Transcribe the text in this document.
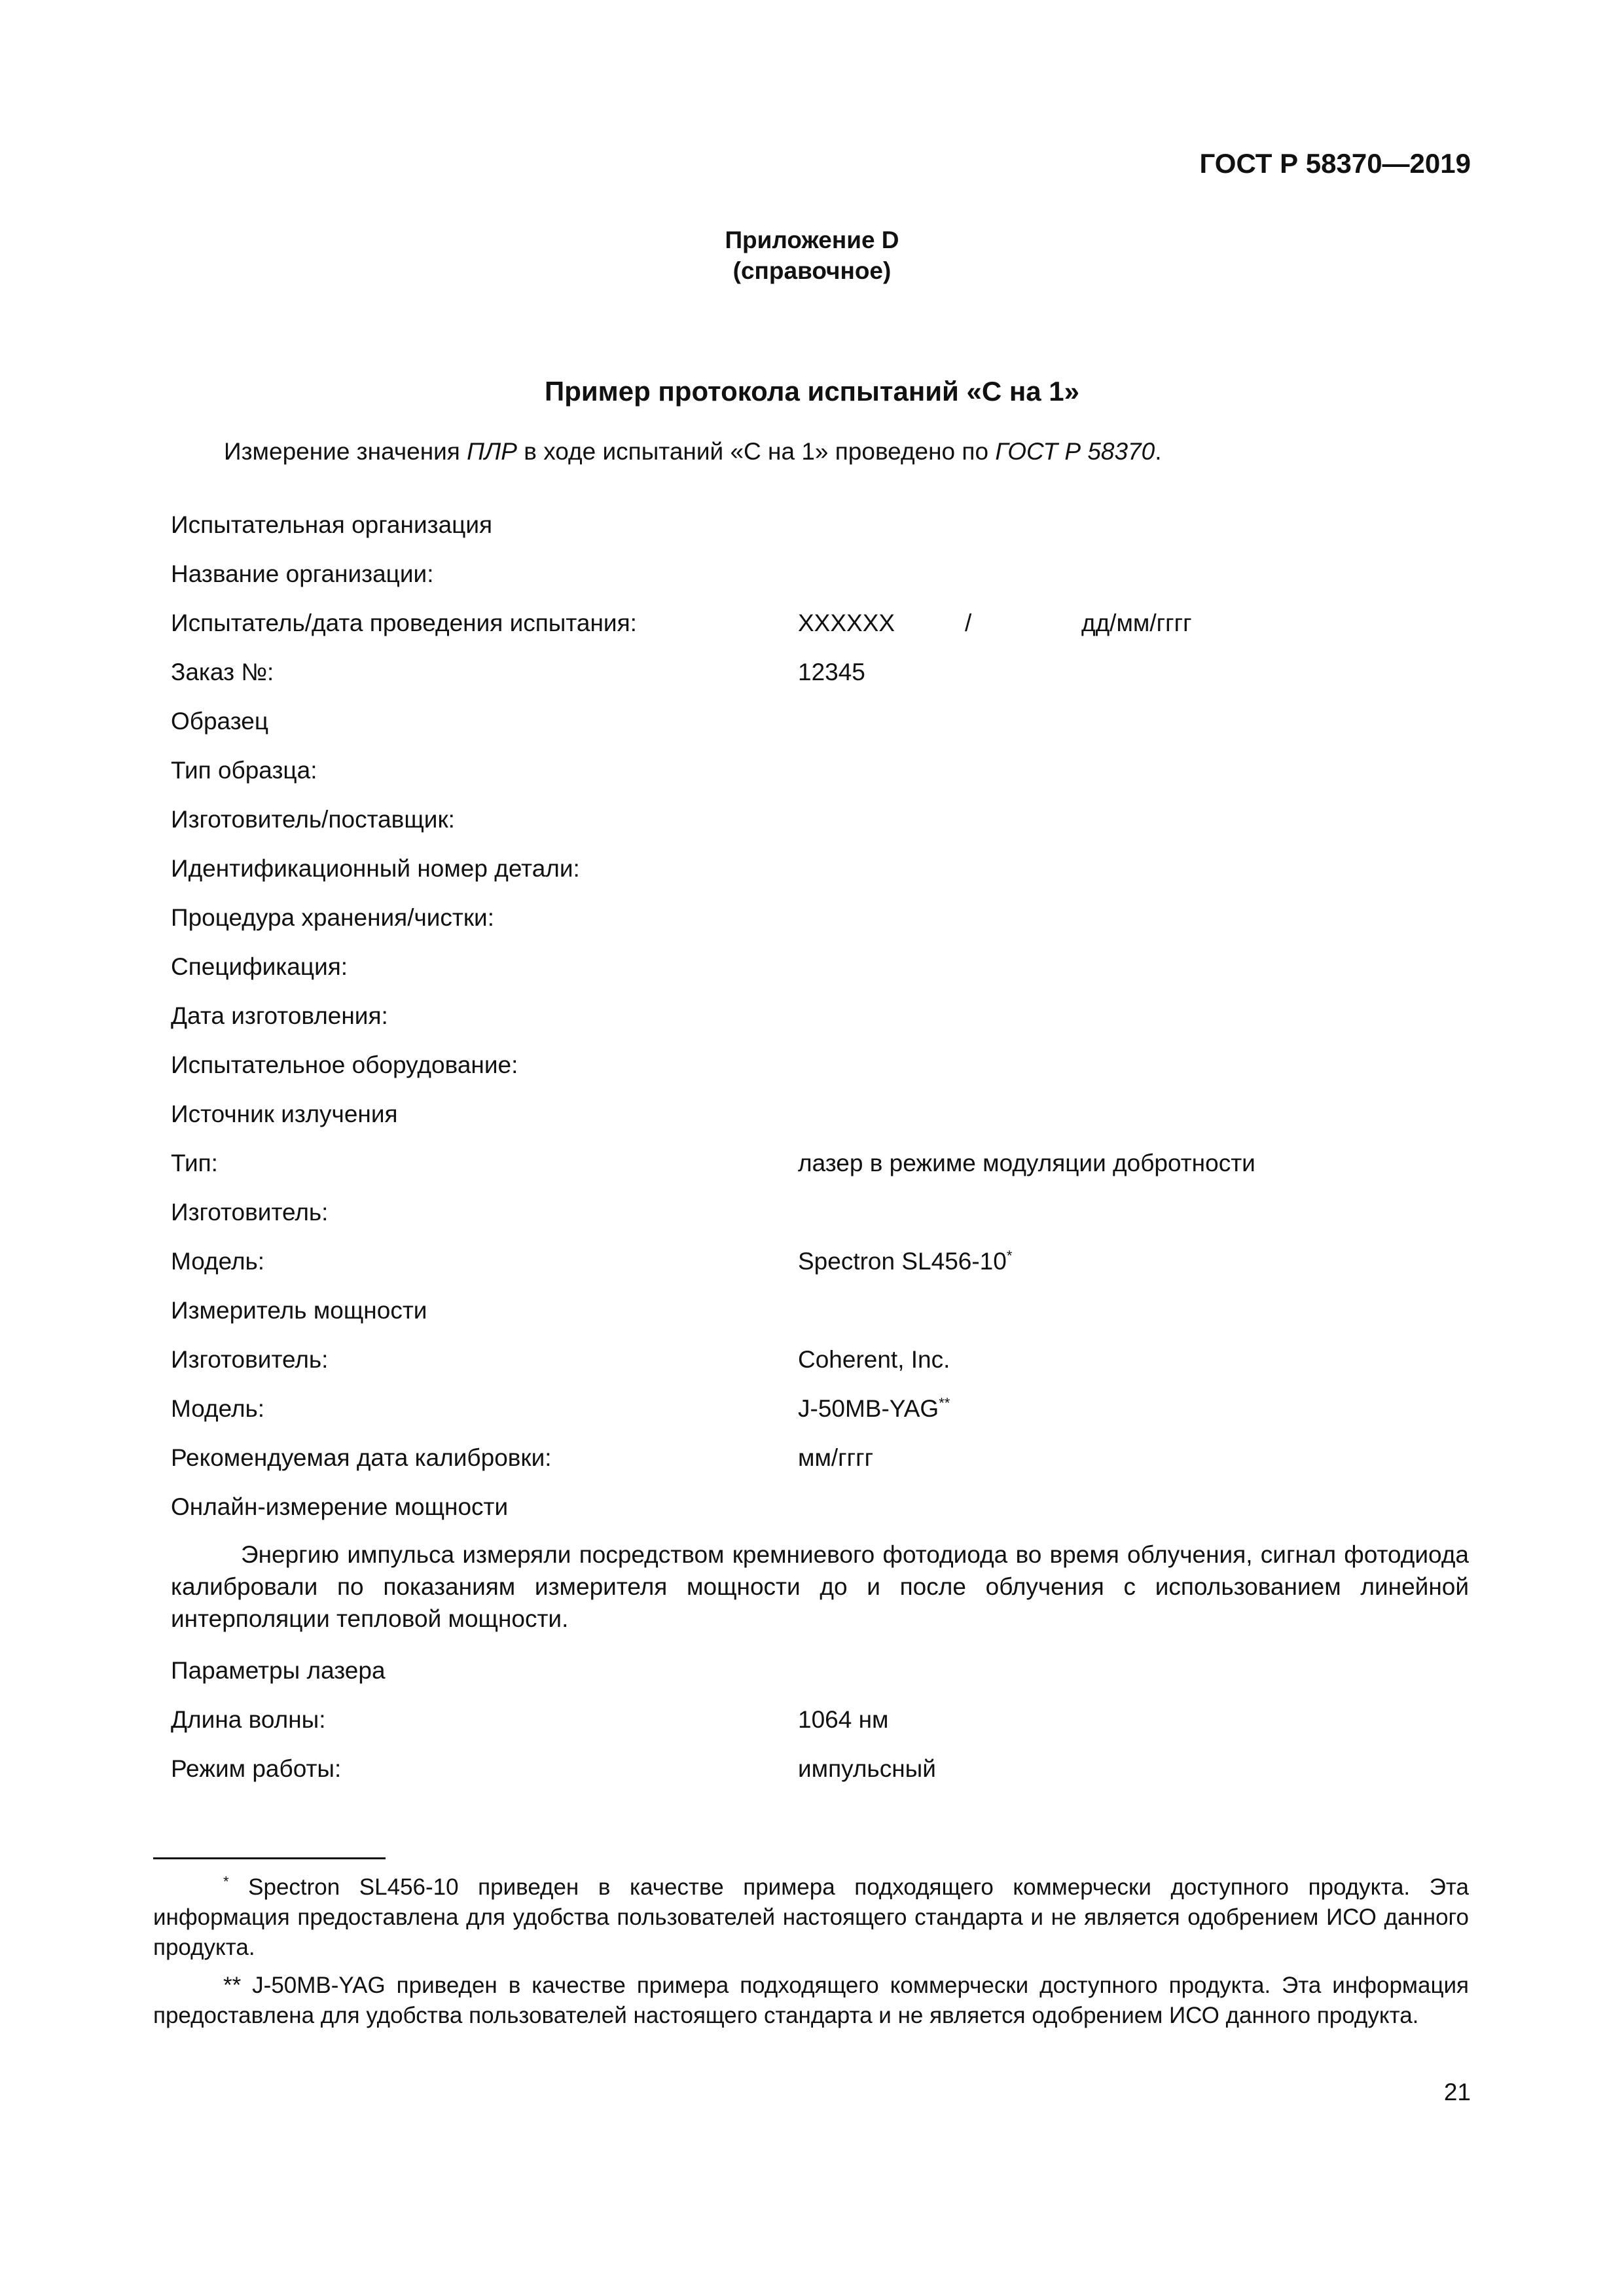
ГОСТ Р 58370—2019
Приложение D
(справочное)
Пример протокола испытаний «С на 1»
Измерение значения ПЛР в ходе испытаний «С на 1» проведено по ГОСТ Р 58370.
Испытательная организация
Название организации:
Испытатель/дата проведения испытания:	XXXXXX	/	дд/мм/гггг
Заказ №:	12345
Образец
Тип образца:
Изготовитель/поставщик:
Идентификационный номер детали:
Процедура хранения/чистки:
Спецификация:
Дата изготовления:
Испытательное оборудование:
Источник излучения
Тип:	лазер в режиме модуляции добротности
Изготовитель:
Модель:	Spectron SL456-10*
Измеритель мощности
Изготовитель:	Coherent, Inc.
Модель:	J-50MB-YAG**
Рекомендуемая дата калибровки:	мм/гггг
Онлайн-измерение мощности

Энергию импульса измеряли посредством кремниевого фотодиода во время облучения, сигнал фотодиода калибровали по показаниям измерителя мощности до и после облучения с использованием линейной интерполяции тепловой мощности.

Параметры лазера
Длина волны:	1064 нм
Режим работы:	импульсный

* Spectron SL456-10 приведен в качестве примера подходящего коммерчески доступного продукта. Эта информация предоставлена для удобства пользователей настоящего стандарта и не является одобрением ИСО данного продукта.

** J-50MB-YAG приведен в качестве примера подходящего коммерчески доступного продукта. Эта информация предоставлена для удобства пользователей настоящего стандарта и не является одобрением ИСО данного продукта.

21
